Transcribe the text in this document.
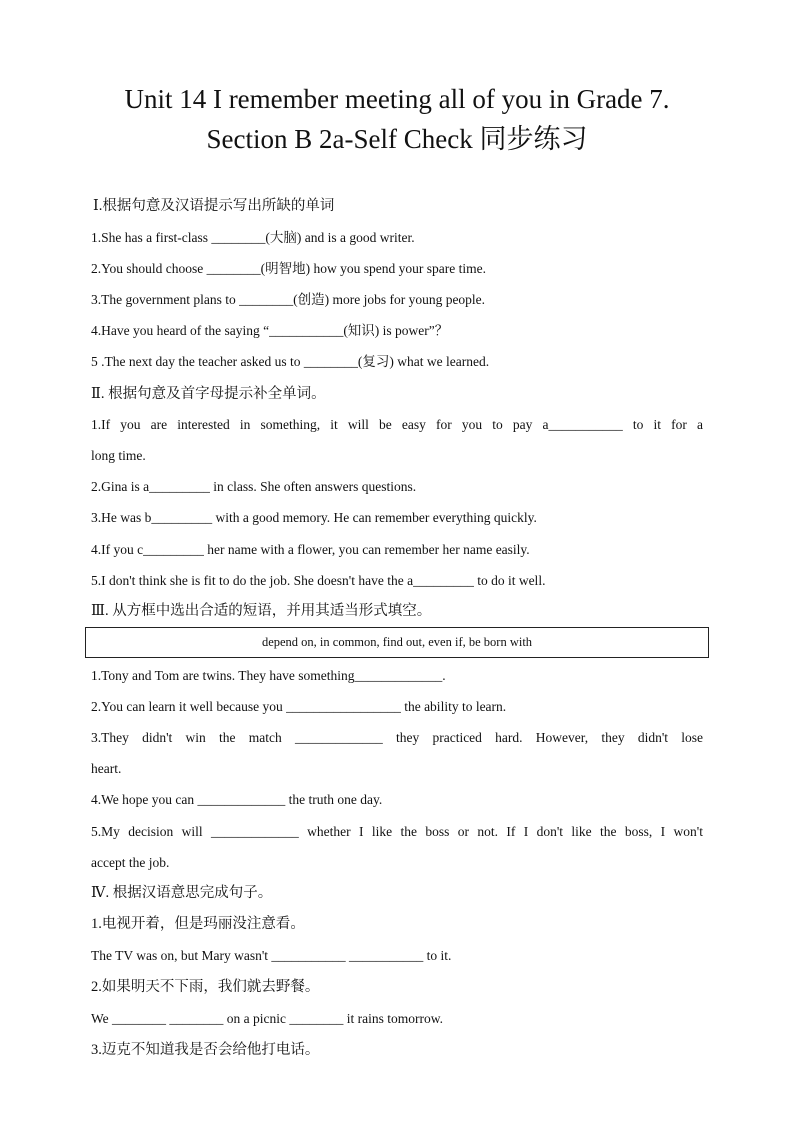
Unit 14 I remember meeting all of you in Grade 7.
Section B 2a-Self Check 同步练习
Ⅰ.根据句意及汉语提示写出所缺的单词
1.She has a first-class ________(大脑) and is a good writer.
2.You should choose ________(明智地) how you spend your spare time.
3.The government plans to ________(创造) more jobs for young people.
4.Have you heard of the saying “___________(知识) is power”？
5 .The next day the teacher asked us to ________(复习) what we learned.
Ⅱ. 根据句意及首字母提示补全单词。
1.If you are interested in something, it will be easy for you to pay a___________ to it for a
long time.
2.Gina is a_________ in class. She often answers questions.
3.He was b_________ with a good memory. He can remember everything quickly.
4.If you c_________ her name with a flower, you can remember her name easily.
5.I don't think she is fit to do the job. She doesn't have the a_________ to do it well.
Ⅲ. 从方框中选出合适的短语，并用其适当形式填空。
depend on, in common, find out, even if, be born with
1.Tony and Tom are twins. They have something_____________.
2.You can learn it well because you _________________ the ability to learn.
3.They didn't win the match _____________ they practiced hard. However, they didn't lose
heart.
4.We hope you can _____________ the truth one day.
5.My decision will _____________ whether I like the boss or not. If I don't like the boss, I won't
accept the job.
Ⅳ. 根据汉语意思完成句子。
1.电视开着，但是玛丽没注意看。
The TV was on, but Mary wasn't ___________ ___________ to it.
2.如果明天不下雨，我们就去野餐。
We ________ ________ on a picnic ________ it rains tomorrow.
3.迈克不知道我是否会给他打电话。
